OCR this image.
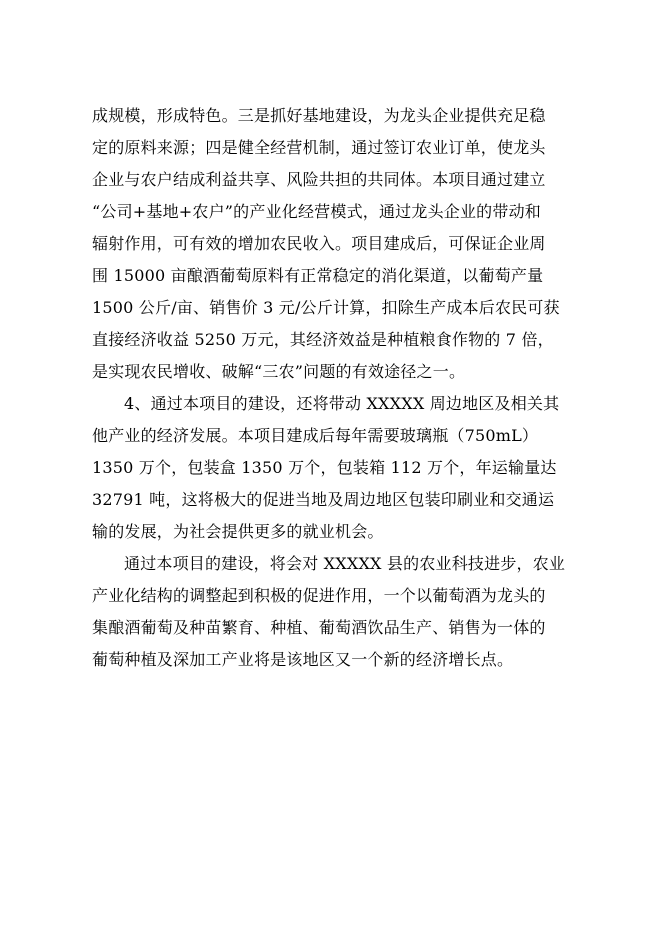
成规模，形成特色。三是抓好基地建设，为龙头企业提供充足稳
定的原料来源；四是健全经营机制，通过签订农业订单，使龙头
企业与农户结成利益共享、风险共担的共同体。本项目通过建立
“公司+基地+农户”的产业化经营模式，通过龙头企业的带动和
辐射作用，可有效的增加农民收入。项目建成后，可保证企业周
围 15000 亩酿酒葡萄原料有正常稳定的消化渠道，以葡萄产量
1500 公斤/亩、销售价 3 元/公斤计算，扣除生产成本后农民可获
直接经济收益 5250 万元，其经济效益是种植粮食作物的 7 倍，
是实现农民增收、破解“三农”问题的有效途径之一。
4、通过本项目的建设，还将带动 XXXXX 周边地区及相关其
他产业的经济发展。本项目建成后每年需要玻璃瓶（750mL）
1350 万个，包装盒 1350 万个，包装箱 112 万个，年运输量达
32791 吨，这将极大的促进当地及周边地区包装印刷业和交通运
输的发展，为社会提供更多的就业机会。
通过本项目的建设，将会对 XXXXX 县的农业科技进步，农业
产业化结构的调整起到积极的促进作用，一个以葡萄酒为龙头的
集酿酒葡萄及种苗繁育、种植、葡萄酒饮品生产、销售为一体的
葡萄种植及深加工产业将是该地区又一个新的经济增长点。
